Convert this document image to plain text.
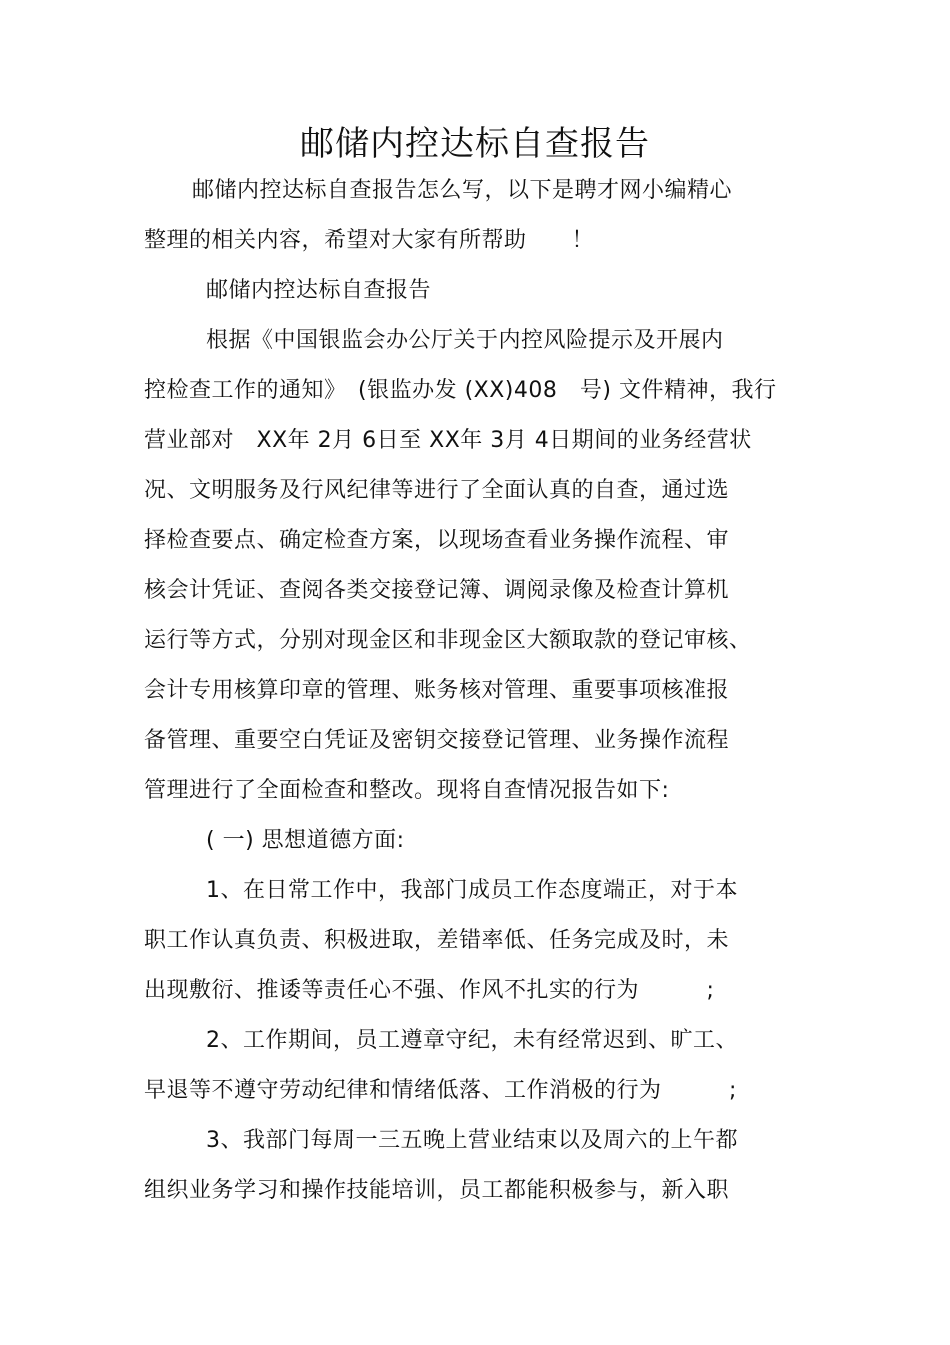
邮储内控达标自查报告
邮储内控达标自查报告怎么写，以下是聘才网小编精心
整理的相关内容，希望对大家有所帮助　　！
邮储内控达标自查报告
根据《中国银监会办公厅关于内控风险提示及开展内
控检查工作的通知》　(银监办发 (XX)408　号) 文件精神，我行
营业部对　XX年 2月 6日至 XX年 3月 4日期间的业务经营状
况、文明服务及行风纪律等进行了全面认真的自查，通过选
择检查要点、确定检查方案，以现场查看业务操作流程、审
核会计凭证、查阅各类交接登记簿、调阅录像及检查计算机
运行等方式，分别对现金区和非现金区大额取款的登记审核、
会计专用核算印章的管理、账务核对管理、重要事项核准报
备管理、重要空白凭证及密钥交接登记管理、业务操作流程
管理进行了全面检查和整改。现将自查情况报告如下:
( 一) 思想道德方面:
1、在日常工作中，我部门成员工作态度端正，对于本
职工作认真负责、积极进取，差错率低、任务完成及时，未
出现敷衍、推诿等责任心不强、作风不扎实的行为　　　;
2、工作期间，员工遵章守纪，未有经常迟到、旷工、
早退等不遵守劳动纪律和情绪低落、工作消极的行为　　　;
3、我部门每周一三五晚上营业结束以及周六的上午都
组织业务学习和操作技能培训，员工都能积极参与，新入职
